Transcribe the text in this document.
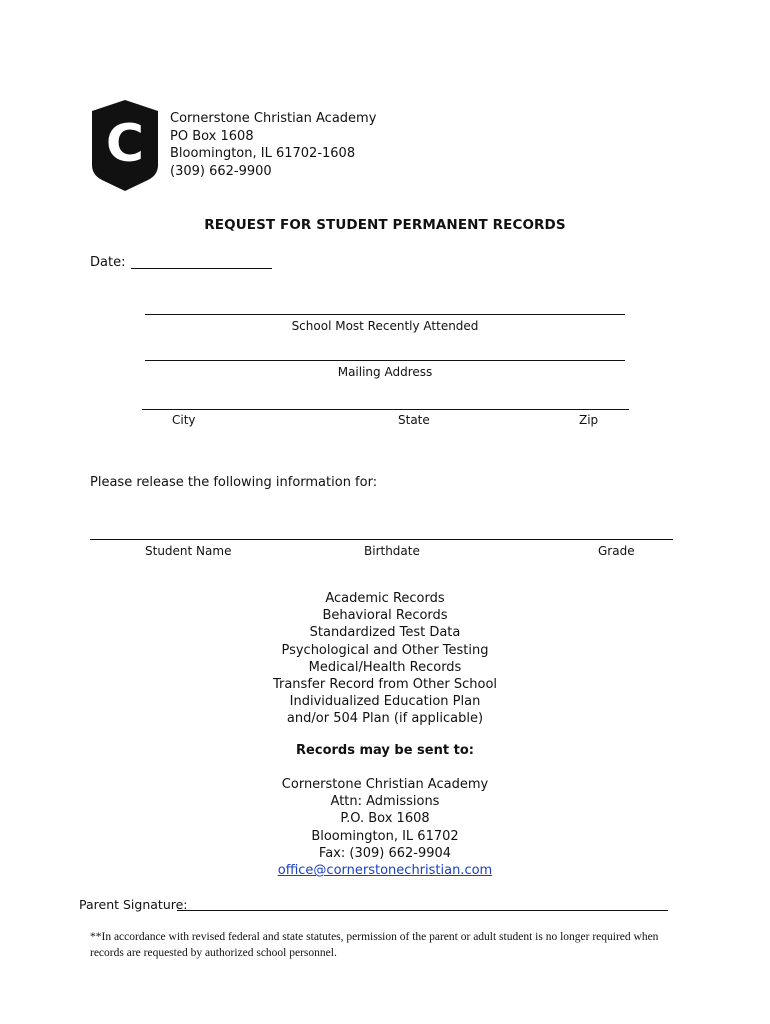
C Cornerstone Christian Academy
PO Box 1608
Bloomington, IL 61702-1608
(309) 662-9900
REQUEST FOR STUDENT PERMANENT RECORDS
Date:
School Most Recently Attended
Mailing Address
City	State	Zip
Please release the following information for:
Student Name	Birthdate	Grade
Academic Records
Behavioral Records
Standardized Test Data
Psychological and Other Testing
Medical/Health Records
Transfer Record from Other School
Individualized Education Plan
and/or 504 Plan (if applicable)
Records may be sent to:
Cornerstone Christian Academy
Attn: Admissions
P.O. Box 1608
Bloomington, IL 61702
Fax: (309) 662-9904
office@cornerstonechristian.com
Parent Signature:
**In accordance with revised federal and state statutes, permission of the parent or adult student is no longer required when records are requested by authorized school personnel.
